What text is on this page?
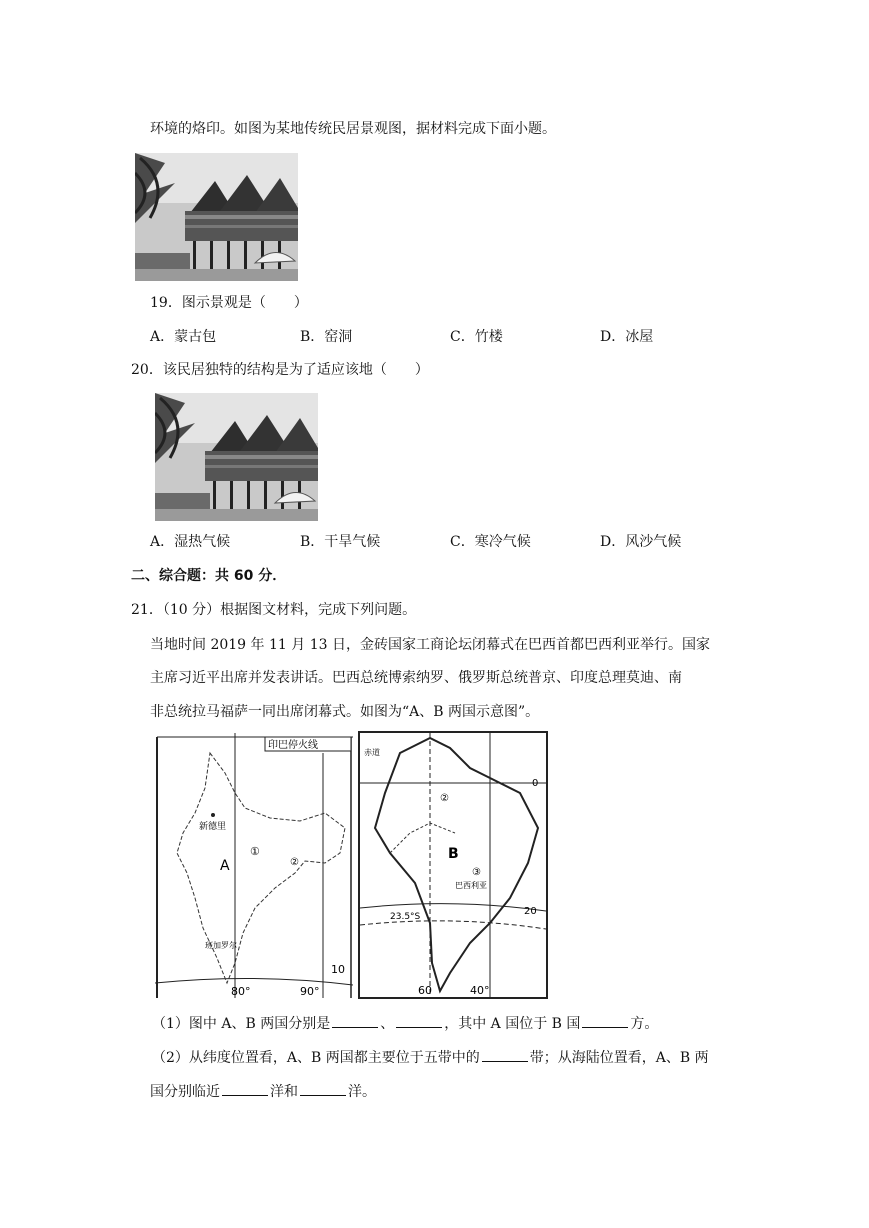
环境的烙印。如图为某地传统民居景观图，据材料完成下面小题。
19．图示景观是（　　）
A．蒙古包	B．窑洞	C．竹楼	D．冰屋
20．该民居独特的结构是为了适应该地（　　）
A．湿热气候	B．干旱气候	C．寒冷气候	D．风沙气候
二、综合题：共 60 分．
21．（10 分）根据图文材料，完成下列问题。
当地时间 2019 年 11 月 13 日，金砖国家工商论坛闭幕式在巴西首都巴西利亚举行。国家
主席习近平出席并发表讲话。巴西总统博索纳罗、俄罗斯总统普京、印度总理莫迪、南
非总统拉马福萨一同出席闭幕式。如图为“A、B 两国示意图”。
印巴停火线
新德里
A
①
②
班加罗尔
10
80°	90°
赤道
B
③
②
巴西利亚
23.5°S
0
20
60	40°
（1）图中 A、B 两国分别是	、	，其中 A 国位于 B 国	方。
（2）从纬度位置看，A、B 两国都主要位于五带中的	带；从海陆位置看，A、B 两
国分别临近	洋和	洋。
